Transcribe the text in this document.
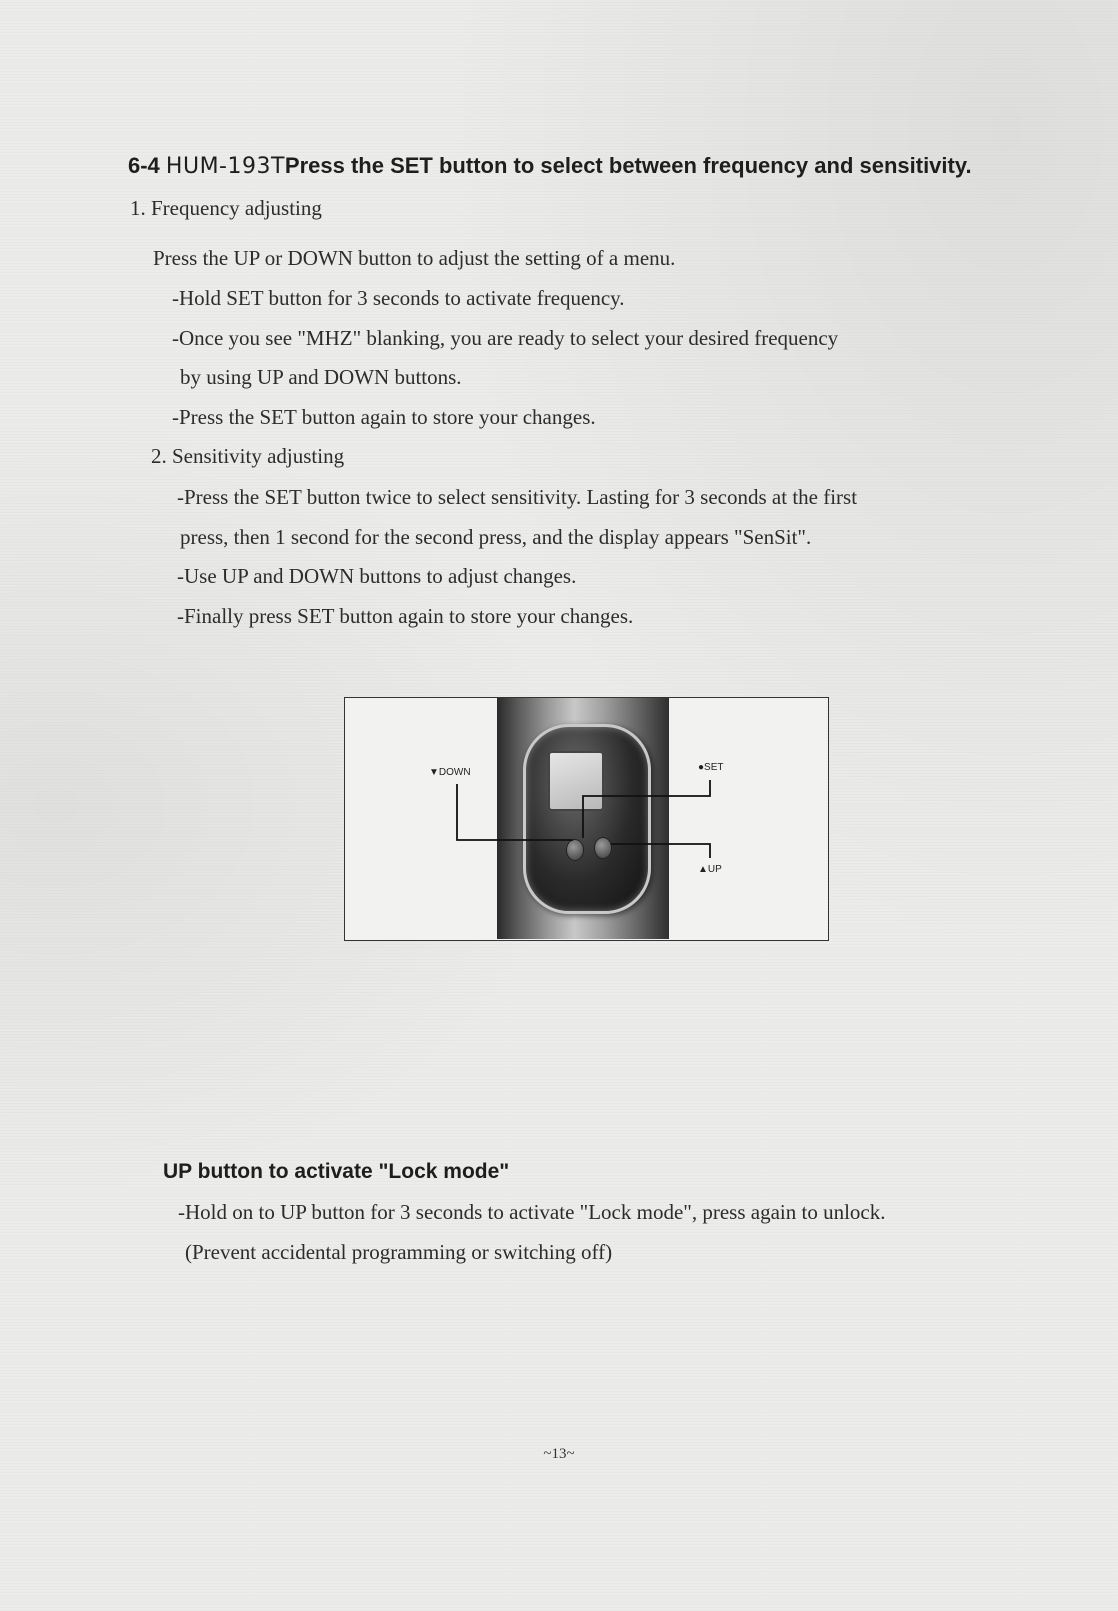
6-4 HUM-193TPress the SET button to select between frequency and sensitivity.
1. Frequency adjusting
Press the UP or DOWN button to adjust the setting of a menu.
-Hold SET button for 3 seconds to activate frequency.
-Once you see "MHZ" blanking, you are ready to select your desired frequency
by using UP and DOWN buttons.
-Press the SET button again to store your changes.
2. Sensitivity adjusting
-Press the SET button twice to select sensitivity. Lasting for 3 seconds at the first
press, then 1 second for the second press, and the display appears "SenSit".
-Use UP and DOWN buttons to adjust changes.
-Finally press SET button again to store your changes.
▼DOWN	●SET
▲UP
UP button to activate "Lock mode"
-Hold on to UP button for 3 seconds to activate "Lock mode", press again to unlock.
(Prevent accidental programming or switching off)
~13~
